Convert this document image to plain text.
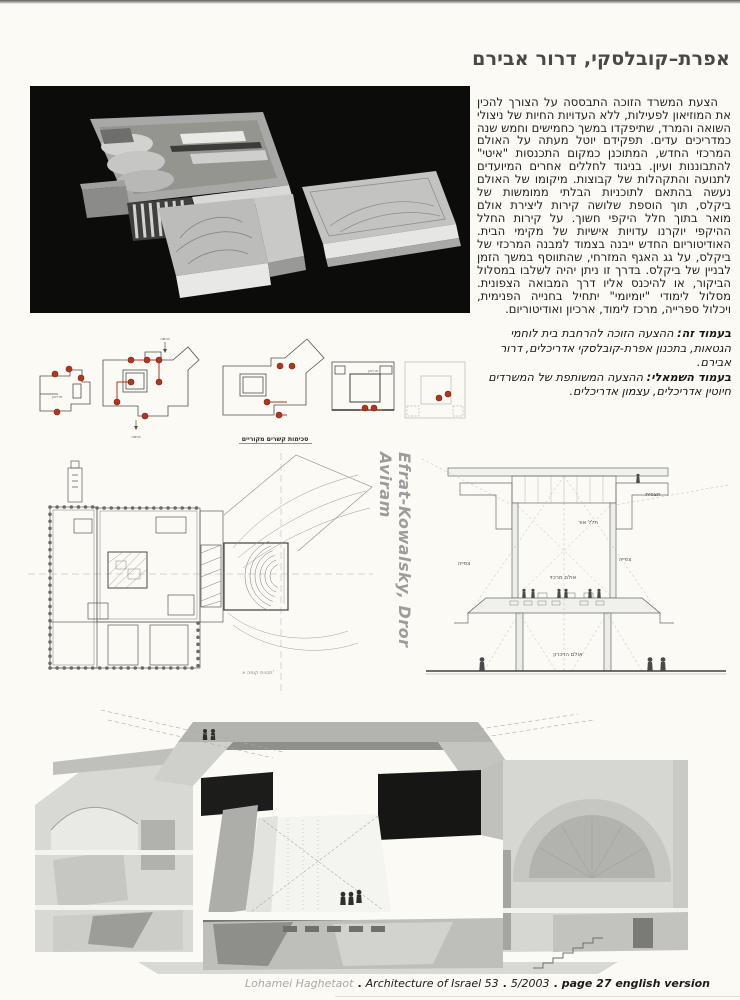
אפרת–קובלסקי, דרור אבירם

הצעת המשרד הזוכה התבססה על הצורך להכין את המוזיאון לפעילות, ללא העדויות החיות של ניצולי השואה והמרד, שתיפקדו במשך כחמישים וחמש שנה כמדריכים עדים. תפקידם יוטל מעתה על האולם המרכזי החדש, המתוכנן כמקום התכנסות "איטי" להתבוננות ועיון. בניגוד לחללים אחרים המיועדים לתנועה והתקהלות של קבוצות. מיקומו של האולם נעשה בהתאם לתוכניות הבלתי ממומשות של ביקלס, תוך הוספת שלושה קירות ליצירת אולם מואר בתוך חלל היקפי חשוך. על קירות החלל ההיקפי יוקרנו עדויות אישיות של מקימי הבית. האודיטוריום החדש ייבנה בצמוד למבנה המרכזי של ביקלס, על גג האגף המזרחי, שהתווסף במשך הזמן לבניין של ביקלס. בדרך זו ניתן יהיה לשלבו במסלול הביקור, או להיכנס אליו דרך המבואה הצפונית. מסלול לימודי "יומיומי" יתחיל בחנייה הפנימית, ויכלול ספרייה, מרכז לימוד, ארכיון ואודיטוריום.

בעמוד זה: ההצעה הזוכה להרחבת בית לוחמי הגטאות, בתכנון אפרת-קובלסקי אדריכלים, דרור אבירם.
בעמוד השמאלי: ההצעה המשותפת של המשרדים חיוטין אדריכלים, עצמון אדריכלים.
כניסה
כניסה
מוזיאון
מוזיאון
סכימות קשרים מקוריים
תכנית קומה א'
Efrat-Kowalsky, Dror Aviram	תצפית
חלל אור
צפייה
צפייה
אולם מרכזי
אולם הזיכרון
Lohamei Haghetaot . Architecture of Israel 53 . 5/2003 . page 27 english version
